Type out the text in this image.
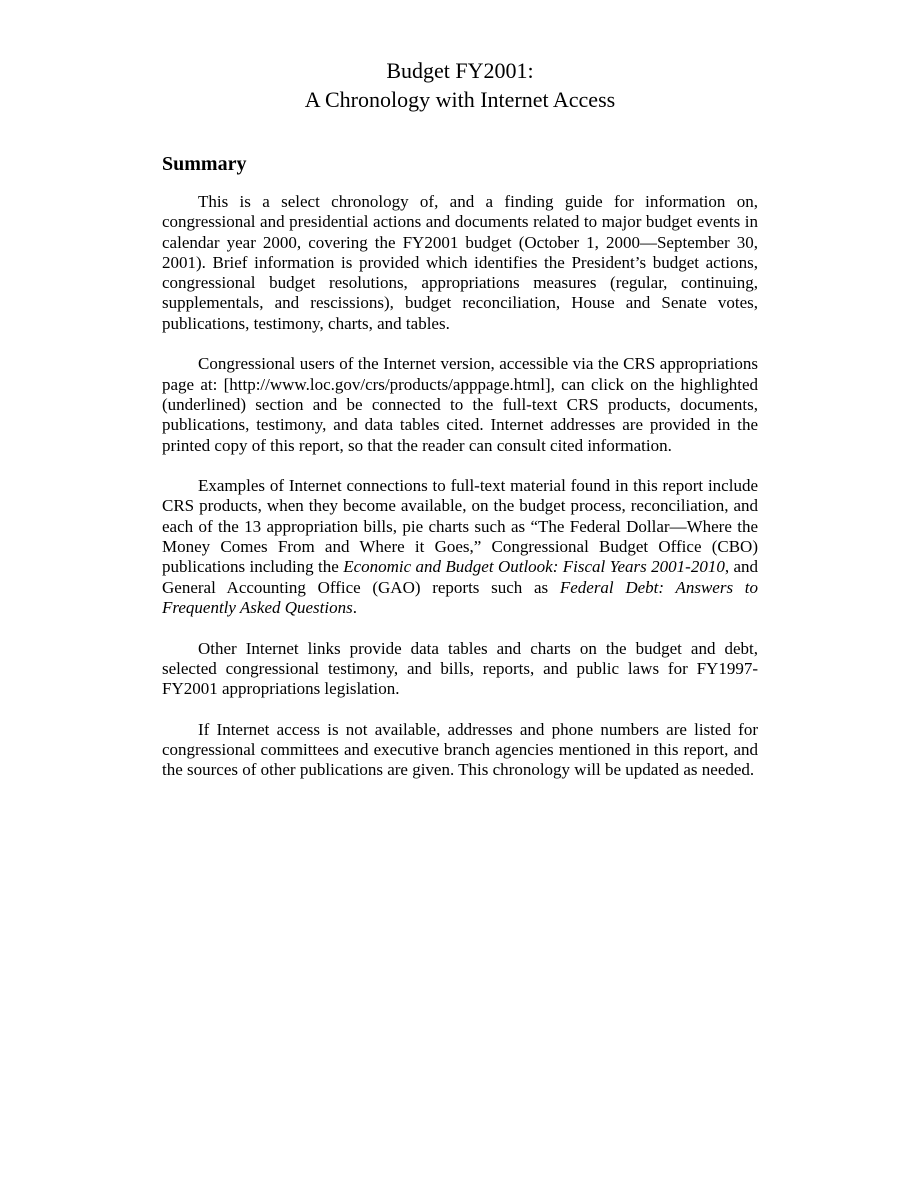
Budget FY2001:
A Chronology with Internet Access
Summary

This is a select chronology of, and a finding guide for information on, congressional and presidential actions and documents related to major budget events in calendar year 2000, covering the FY2001 budget (October 1, 2000—September 30, 2001). Brief information is provided which identifies the President’s budget actions, congressional budget resolutions, appropriations measures (regular, continuing, supplementals, and rescissions), budget reconciliation, House and Senate votes, publications, testimony, charts, and tables.

Congressional users of the Internet version, accessible via the CRS appropriations page at: [http://www.loc.gov/crs/products/apppage.html], can click on the highlighted (underlined) section and be connected to the full-text CRS products, documents, publications, testimony, and data tables cited. Internet addresses are provided in the printed copy of this report, so that the reader can consult cited information.

Examples of Internet connections to full-text material found in this report include CRS products, when they become available, on the budget process, reconciliation, and each of the 13 appropriation bills, pie charts such as “The Federal Dollar—Where the Money Comes From and Where it Goes,” Congressional Budget Office (CBO) publications including the Economic and Budget Outlook: Fiscal Years 2001-2010, and General Accounting Office (GAO) reports such as Federal Debt: Answers to Frequently Asked Questions.

Other Internet links provide data tables and charts on the budget and debt, selected congressional testimony, and bills, reports, and public laws for FY1997-FY2001 appropriations legislation.

If Internet access is not available, addresses and phone numbers are listed for congressional committees and executive branch agencies mentioned in this report, and the sources of other publications are given. This chronology will be updated as needed.
